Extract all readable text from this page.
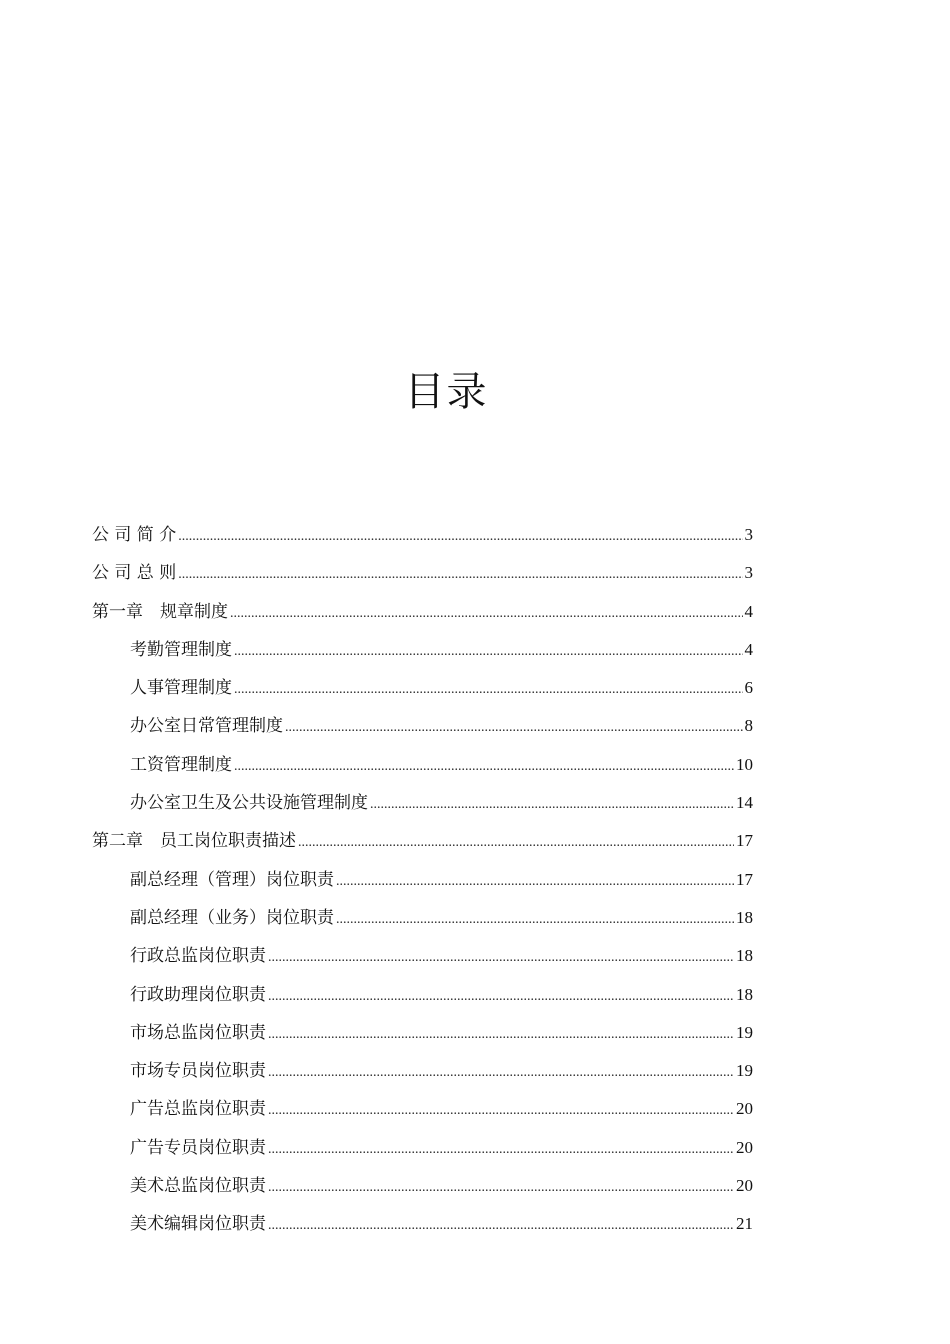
目录
公 司 简 介 .....	3
公 司 总 则 .....	3
第一章　规章制度 .....	4
考勤管理制度 .....	4
人事管理制度 .....	6
办公室日常管理制度 .....	8
工资管理制度 .....	10
办公室卫生及公共设施管理制度 .....	14
第二章　员工岗位职责描述 .....	17
副总经理（管理）岗位职责 .....	17
副总经理（业务）岗位职责 .....	18
行政总监岗位职责 .....	18
行政助理岗位职责 .....	18
市场总监岗位职责 .....	19
市场专员岗位职责 .....	19
广告总监岗位职责 .....	20
广告专员岗位职责 .....	20
美术总监岗位职责 .....	20
美术编辑岗位职责 .....	21
